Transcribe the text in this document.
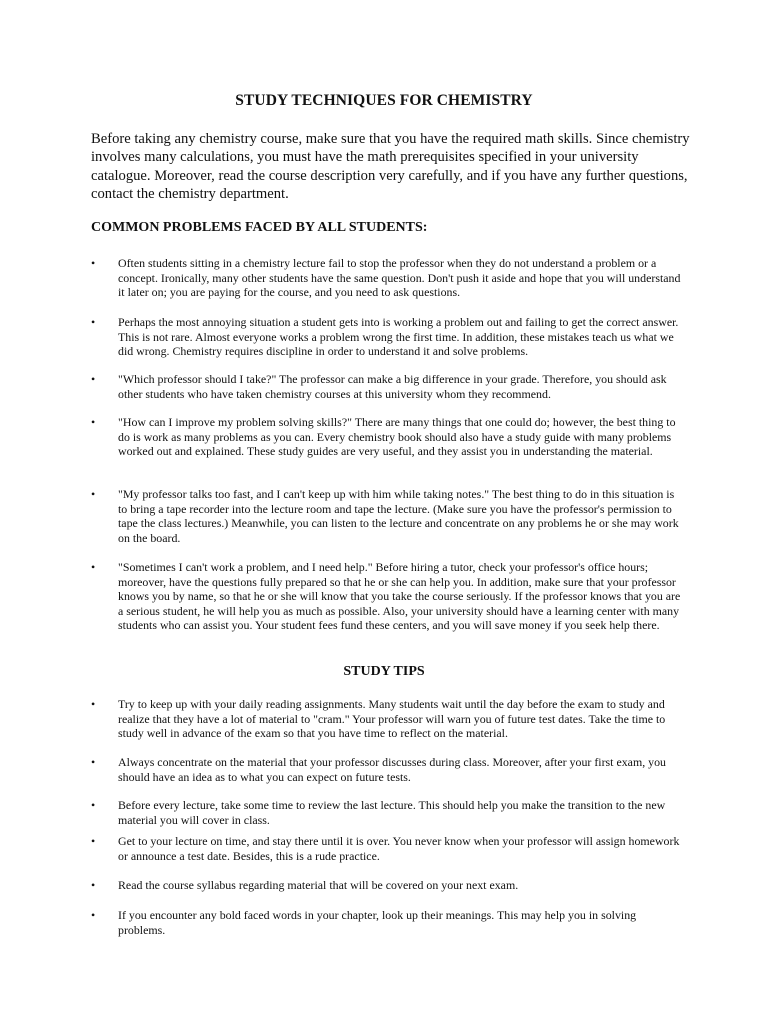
STUDY TECHNIQUES FOR CHEMISTRY
Before taking any chemistry course, make sure that you have the required math skills. Since chemistry involves many calculations, you must have the math prerequisites specified in your university catalogue. Moreover, read the course description very carefully, and if you have any further questions, contact the chemistry department.
COMMON PROBLEMS FACED BY ALL STUDENTS:
•	Often students sitting in a chemistry lecture fail to stop the professor when they do not understand a problem or a concept. Ironically, many other students have the same question. Don't push it aside and hope that you will understand it later on; you are paying for the course, and you need to ask questions.
•	Perhaps the most annoying situation a student gets into is working a problem out and failing to get the correct answer. This is not rare. Almost everyone works a problem wrong the first time. In addition, these mistakes teach us what we did wrong. Chemistry requires discipline in order to understand it and solve problems.
•	"Which professor should I take?" The professor can make a big difference in your grade. Therefore, you should ask other students who have taken chemistry courses at this university whom they recommend.
•	"How can I improve my problem solving skills?" There are many things that one could do; however, the best thing to do is work as many problems as you can. Every chemistry book should also have a study guide with many problems worked out and explained. These study guides are very useful, and they assist you in understanding the material.
•	"My professor talks too fast, and I can't keep up with him while taking notes." The best thing to do in this situation is to bring a tape recorder into the lecture room and tape the lecture. (Make sure you have the professor's permission to tape the class lectures.) Meanwhile, you can listen to the lecture and concentrate on any problems he or she may work on the board.
•	"Sometimes I can't work a problem, and I need help." Before hiring a tutor, check your professor's office hours; moreover, have the questions fully prepared so that he or she can help you. In addition, make sure that your professor knows you by name, so that he or she will know that you take the course seriously. If the professor knows that you are a serious student, he will help you as much as possible. Also, your university should have a learning center with many students who can assist you. Your student fees fund these centers, and you will save money if you seek help there.
STUDY TIPS
•	Try to keep up with your daily reading assignments. Many students wait until the day before the exam to study and realize that they have a lot of material to "cram." Your professor will warn you of future test dates. Take the time to study well in advance of the exam so that you have time to reflect on the material.
•	Always concentrate on the material that your professor discusses during class. Moreover, after your first exam, you should have an idea as to what you can expect on future tests.
•	Before every lecture, take some time to review the last lecture. This should help you make the transition to the new material you will cover in class.
•	Get to your lecture on time, and stay there until it is over. You never know when your professor will assign homework or announce a test date. Besides, this is a rude practice.
•	Read the course syllabus regarding material that will be covered on your next exam.
•	If you encounter any bold faced words in your chapter, look up their meanings. This may help you in solving problems.
